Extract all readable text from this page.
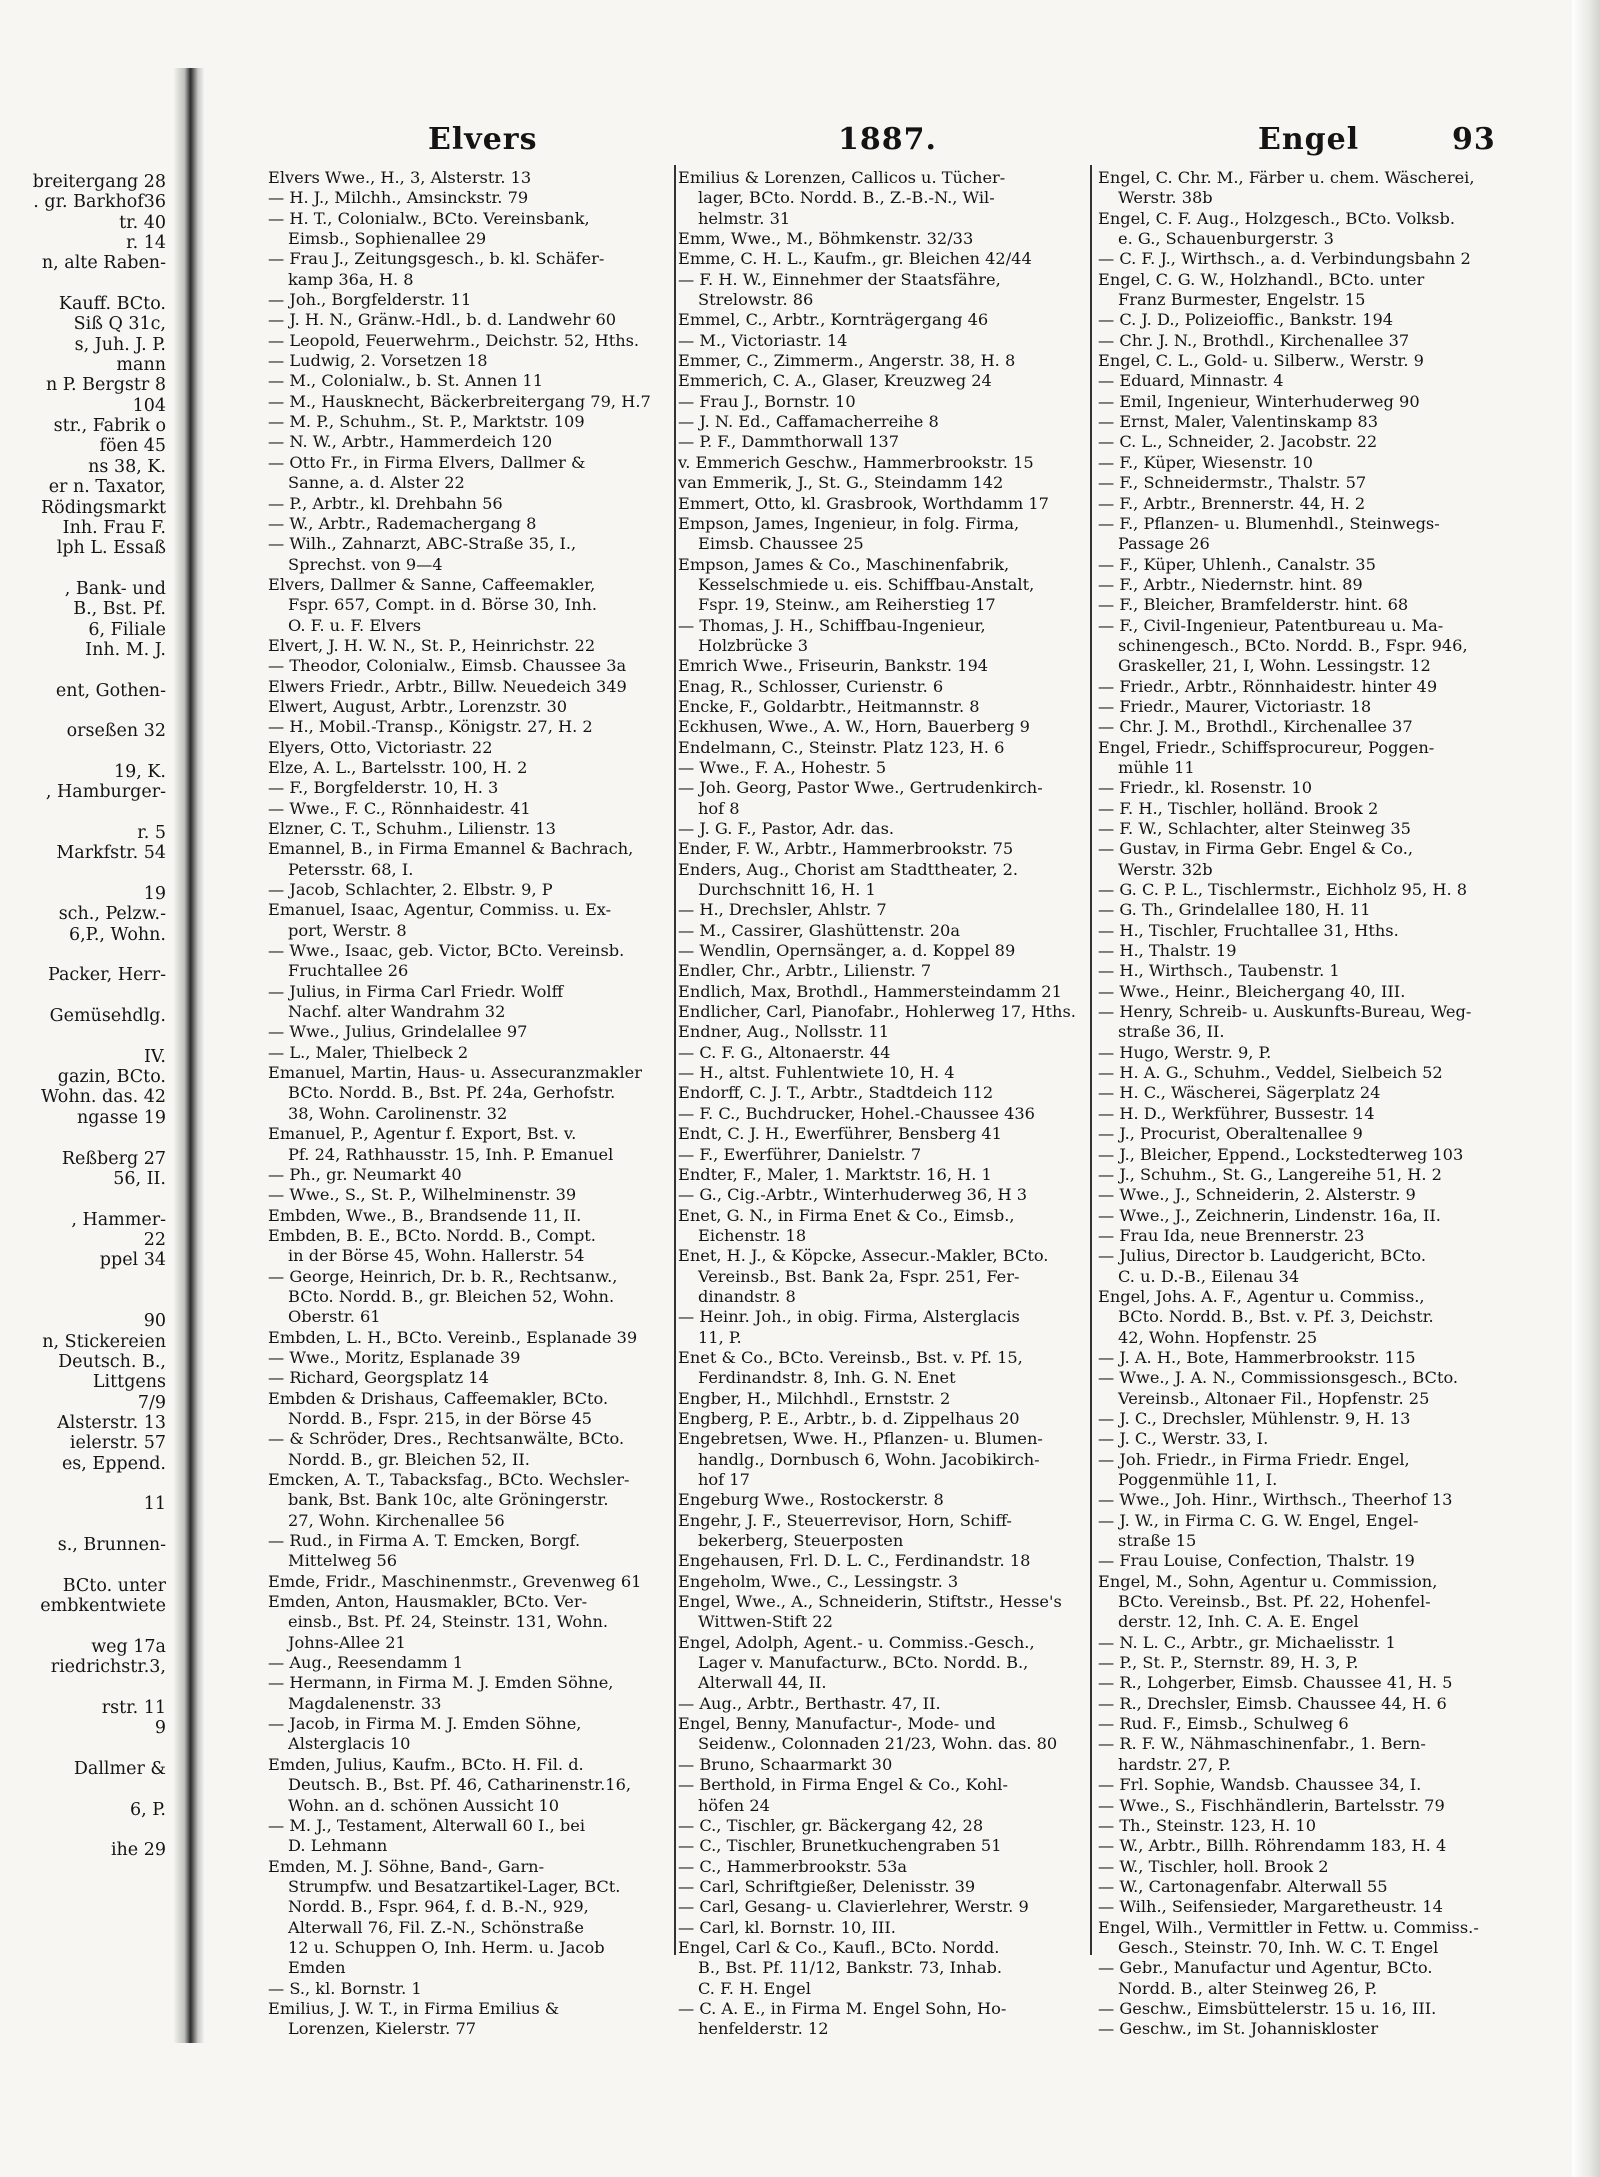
breitergang 28
. gr. Barkhof36
tr. 40
r. 14
n, alte Raben-

Kauff. BCto.
Siß Q 31c,
s, Juh. J. P.
mann
n P. Bergstr 8
104
str., Fabrik o
föen 45
ns 38, K.
er n. Taxator,
Rödingsmarkt
Inh. Frau F.
lph L. Essaß

, Bank- und
B., Bst. Pf.
6, Filiale
Inh. M. J.

ent, Gothen-

orseßen 32

19, K.
, Hamburger-

r. 5
Markfstr. 54

19
sch., Pelzw.-
6,P., Wohn.

Packer, Herr-

Gemüsehdlg.

IV.
gazin, BCto.
Wohn. das. 42
ngasse 19

Reßberg 27
56, II.

, Hammer-
22
ppel 34

90
n, Stickereien
Deutsch. B.,
Littgens
7/9
Alsterstr. 13
ielerstr. 57
es, Eppend.

11

s., Brunnen-

BCto. unter
embkentwiete

weg 17a
riedrichstr.3,

rstr. 11
9

Dallmer &

6, P.

ihe 29
Elvers	1887.	Engel	93
Elvers Wwe., H., 3, Alsterstr. 13
— H. J., Milchh., Amsinckstr. 79
— H. T., Colonialw., BCto. Vereinsbank,
Eimsb., Sophienallee 29
— Frau J., Zeitungsgesch., b. kl. Schäfer-
kamp 36a, H. 8
— Joh., Borgfelderstr. 11
— J. H. N., Gränw.-Hdl., b. d. Landwehr 60
— Leopold, Feuerwehrm., Deichstr. 52, Hths.
— Ludwig, 2. Vorsetzen 18
— M., Colonialw., b. St. Annen 11
— M., Hausknecht, Bäckerbreitergang 79, H.7
— M. P., Schuhm., St. P., Marktstr. 109
— N. W., Arbtr., Hammerdeich 120
— Otto Fr., in Firma Elvers, Dallmer &
Sanne, a. d. Alster 22
— P., Arbtr., kl. Drehbahn 56
— W., Arbtr., Rademachergang 8
— Wilh., Zahnarzt, ABC-Straße 35, I.,
Sprechst. von 9—4
Elvers, Dallmer & Sanne, Caffeemakler,
Fspr. 657, Compt. in d. Börse 30, Inh.
O. F. u. F. Elvers
Elvert, J. H. W. N., St. P., Heinrichstr. 22
— Theodor, Colonialw., Eimsb. Chaussee 3a
Elwers Friedr., Arbtr., Billw. Neuedeich 349
Elwert, August, Arbtr., Lorenzstr. 30
— H., Mobil.-Transp., Königstr. 27, H. 2
Elyers, Otto, Victoriastr. 22
Elze, A. L., Bartelsstr. 100, H. 2
— F., Borgfelderstr. 10, H. 3
— Wwe., F. C., Rönnhaidestr. 41
Elzner, C. T., Schuhm., Lilienstr. 13
Emannel, B., in Firma Emannel & Bachrach,
Petersstr. 68, I.
— Jacob, Schlachter, 2. Elbstr. 9, P
Emanuel, Isaac, Agentur, Commiss. u. Ex-
port, Werstr. 8
— Wwe., Isaac, geb. Victor, BCto. Vereinsb.
Fruchtallee 26
— Julius, in Firma Carl Friedr. Wolff
Nachf. alter Wandrahm 32
— Wwe., Julius, Grindelallee 97
— L., Maler, Thielbeck 2
Emanuel, Martin, Haus- u. Assecuranzmakler
BCto. Nordd. B., Bst. Pf. 24a, Gerhofstr.
38, Wohn. Carolinenstr. 32
Emanuel, P., Agentur f. Export, Bst. v.
Pf. 24, Rathhausstr. 15, Inh. P. Emanuel
— Ph., gr. Neumarkt 40
— Wwe., S., St. P., Wilhelminenstr. 39
Embden, Wwe., B., Brandsende 11, II.
Embden, B. E., BCto. Nordd. B., Compt.
in der Börse 45, Wohn. Hallerstr. 54
— George, Heinrich, Dr. b. R., Rechtsanw.,
BCto. Nordd. B., gr. Bleichen 52, Wohn.
Oberstr. 61
Embden, L. H., BCto. Vereinb., Esplanade 39
— Wwe., Moritz, Esplanade 39
— Richard, Georgsplatz 14
Embden & Drishaus, Caffeemakler, BCto.
Nordd. B., Fspr. 215, in der Börse 45
— & Schröder, Dres., Rechtsanwälte, BCto.
Nordd. B., gr. Bleichen 52, II.
Emcken, A. T., Tabacksfag., BCto. Wechsler-
bank, Bst. Bank 10c, alte Gröningerstr.
27, Wohn. Kirchenallee 56
— Rud., in Firma A. T. Emcken, Borgf.
Mittelweg 56
Emde, Fridr., Maschinenmstr., Grevenweg 61
Emden, Anton, Hausmakler, BCto. Ver-
einsb., Bst. Pf. 24, Steinstr. 131, Wohn.
Johns-Allee 21
— Aug., Reesendamm 1
— Hermann, in Firma M. J. Emden Söhne,
Magdalenenstr. 33
— Jacob, in Firma M. J. Emden Söhne,
Alsterglacis 10
Emden, Julius, Kaufm., BCto. H. Fil. d.
Deutsch. B., Bst. Pf. 46, Catharinenstr.16,
Wohn. an d. schönen Aussicht 10
— M. J., Testament, Alterwall 60 I., bei
D. Lehmann
Emden, M. J. Söhne, Band-, Garn-
Strumpfw. und Besatzartikel-Lager, BCt.
Nordd. B., Fspr. 964, f. d. B.-N., 929,
Alterwall 76, Fil. Z.-N., Schönstraße
12 u. Schuppen O, Inh. Herm. u. Jacob
Emden
— S., kl. Bornstr. 1
Emilius, J. W. T., in Firma Emilius &
Lorenzen, Kielerstr. 77
Emilius & Lorenzen, Callicos u. Tücher-
lager, BCto. Nordd. B., Z.-B.-N., Wil-
helmstr. 31
Emm, Wwe., M., Böhmkenstr. 32/33
Emme, C. H. L., Kaufm., gr. Bleichen 42/44
— F. H. W., Einnehmer der Staatsfähre,
Strelowstr. 86
Emmel, C., Arbtr., Kornträgergang 46
— M., Victoriastr. 14
Emmer, C., Zimmerm., Angerstr. 38, H. 8
Emmerich, C. A., Glaser, Kreuzweg 24
— Frau J., Bornstr. 10
— J. N. Ed., Caffamacherreihe 8
— P. F., Dammthorwall 137
v. Emmerich Geschw., Hammerbrookstr. 15
van Emmerik, J., St. G., Steindamm 142
Emmert, Otto, kl. Grasbrook, Worthdamm 17
Empson, James, Ingenieur, in folg. Firma,
Eimsb. Chaussee 25
Empson, James & Co., Maschinenfabrik,
Kesselschmiede u. eis. Schiffbau-Anstalt,
Fspr. 19, Steinw., am Reiherstieg 17
— Thomas, J. H., Schiffbau-Ingenieur,
Holzbrücke 3
Emrich Wwe., Friseurin, Bankstr. 194
Enag, R., Schlosser, Curienstr. 6
Encke, F., Goldarbtr., Heitmannstr. 8
Eckhusen, Wwe., A. W., Horn, Bauerberg 9
Endelmann, C., Steinstr. Platz 123, H. 6
— Wwe., F. A., Hohestr. 5
— Joh. Georg, Pastor Wwe., Gertrudenkirch-
hof 8
— J. G. F., Pastor, Adr. das.
Ender, F. W., Arbtr., Hammerbrookstr. 75
Enders, Aug., Chorist am Stadttheater, 2.
Durchschnitt 16, H. 1
— H., Drechsler, Ahlstr. 7
— M., Cassirer, Glashüttenstr. 20a
— Wendlin, Opernsänger, a. d. Koppel 89
Endler, Chr., Arbtr., Lilienstr. 7
Endlich, Max, Brothdl., Hammersteindamm 21
Endlicher, Carl, Pianofabr., Hohlerweg 17, Hths.
Endner, Aug., Nollsstr. 11
— C. F. G., Altonaerstr. 44
— H., altst. Fuhlentwiete 10, H. 4
Endorff, C. J. T., Arbtr., Stadtdeich 112
— F. C., Buchdrucker, Hohel.-Chaussee 436
Endt, C. J. H., Ewerführer, Bensberg 41
— F., Ewerführer, Danielstr. 7
Endter, F., Maler, 1. Marktstr. 16, H. 1
— G., Cig.-Arbtr., Winterhuderweg 36, H 3
Enet, G. N., in Firma Enet & Co., Eimsb.,
Eichenstr. 18
Enet, H. J., & Köpcke, Assecur.-Makler, BCto.
Vereinsb., Bst. Bank 2a, Fspr. 251, Fer-
dinandstr. 8
— Heinr. Joh., in obig. Firma, Alsterglacis
11, P.
Enet & Co., BCto. Vereinsb., Bst. v. Pf. 15,
Ferdinandstr. 8, Inh. G. N. Enet
Engber, H., Milchhdl., Ernststr. 2
Engberg, P. E., Arbtr., b. d. Zippelhaus 20
Engebretsen, Wwe. H., Pflanzen- u. Blumen-
handlg., Dornbusch 6, Wohn. Jacobikirch-
hof 17
Engeburg Wwe., Rostockerstr. 8
Engehr, J. F., Steuerrevisor, Horn, Schiff-
bekerberg, Steuerposten
Engehausen, Frl. D. L. C., Ferdinandstr. 18
Engeholm, Wwe., C., Lessingstr. 3
Engel, Wwe., A., Schneiderin, Stiftstr., Hesse's
Wittwen-Stift 22
Engel, Adolph, Agent.- u. Commiss.-Gesch.,
Lager v. Manufacturw., BCto. Nordd. B.,
Alterwall 44, II.
— Aug., Arbtr., Berthastr. 47, II.
Engel, Benny, Manufactur-, Mode- und
Seidenw., Colonnaden 21/23, Wohn. das. 80
— Bruno, Schaarmarkt 30
— Berthold, in Firma Engel & Co., Kohl-
höfen 24
— C., Tischler, gr. Bäckergang 42, 28
— C., Tischler, Brunetkuchengraben 51
— C., Hammerbrookstr. 53a
— Carl, Schriftgießer, Delenisstr. 39
— Carl, Gesang- u. Clavierlehrer, Werstr. 9
— Carl, kl. Bornstr. 10, III.
Engel, Carl & Co., Kaufl., BCto. Nordd.
B., Bst. Pf. 11/12, Bankstr. 73, Inhab.
C. F. H. Engel
— C. A. E., in Firma M. Engel Sohn, Ho-
henfelderstr. 12
Engel, C. Chr. M., Färber u. chem. Wäscherei,
Werstr. 38b
Engel, C. F. Aug., Holzgesch., BCto. Volksb.
e. G., Schauenburgerstr. 3
— C. F. J., Wirthsch., a. d. Verbindungsbahn 2
Engel, C. G. W., Holzhandl., BCto. unter
Franz Burmester, Engelstr. 15
— C. J. D., Polizeioffic., Bankstr. 194
— Chr. J. N., Brothdl., Kirchenallee 37
Engel, C. L., Gold- u. Silberw., Werstr. 9
— Eduard, Minnastr. 4
— Emil, Ingenieur, Winterhuderweg 90
— Ernst, Maler, Valentinskamp 83
— C. L., Schneider, 2. Jacobstr. 22
— F., Küper, Wiesenstr. 10
— F., Schneidermstr., Thalstr. 57
— F., Arbtr., Brennerstr. 44, H. 2
— F., Pflanzen- u. Blumenhdl., Steinwegs-
Passage 26
— F., Küper, Uhlenh., Canalstr. 35
— F., Arbtr., Niedernstr. hint. 89
— F., Bleicher, Bramfelderstr. hint. 68
— F., Civil-Ingenieur, Patentbureau u. Ma-
schinengesch., BCto. Nordd. B., Fspr. 946,
Graskeller, 21, I, Wohn. Lessingstr. 12
— Friedr., Arbtr., Rönnhaidestr. hinter 49
— Friedr., Maurer, Victoriastr. 18
— Chr. J. M., Brothdl., Kirchenallee 37
Engel, Friedr., Schiffsprocureur, Poggen-
mühle 11
— Friedr., kl. Rosenstr. 10
— F. H., Tischler, holländ. Brook 2
— F. W., Schlachter, alter Steinweg 35
— Gustav, in Firma Gebr. Engel & Co.,
Werstr. 32b
— G. C. P. L., Tischlermstr., Eichholz 95, H. 8
— G. Th., Grindelallee 180, H. 11
— H., Tischler, Fruchtallee 31, Hths.
— H., Thalstr. 19
— H., Wirthsch., Taubenstr. 1
— Wwe., Heinr., Bleichergang 40, III.
— Henry, Schreib- u. Auskunfts-Bureau, Weg-
straße 36, II.
— Hugo, Werstr. 9, P.
— H. A. G., Schuhm., Veddel, Sielbeich 52
— H. C., Wäscherei, Sägerplatz 24
— H. D., Werkführer, Bussestr. 14
— J., Procurist, Oberaltenallee 9
— J., Bleicher, Eppend., Lockstedterweg 103
— J., Schuhm., St. G., Langereihe 51, H. 2
— Wwe., J., Schneiderin, 2. Alsterstr. 9
— Wwe., J., Zeichnerin, Lindenstr. 16a, II.
— Frau Ida, neue Brennerstr. 23
— Julius, Director b. Laudgericht, BCto.
C. u. D.-B., Eilenau 34
Engel, Johs. A. F., Agentur u. Commiss.,
BCto. Nordd. B., Bst. v. Pf. 3, Deichstr.
42, Wohn. Hopfenstr. 25
— J. A. H., Bote, Hammerbrookstr. 115
— Wwe., J. A. N., Commissionsgesch., BCto.
Vereinsb., Altonaer Fil., Hopfenstr. 25
— J. C., Drechsler, Mühlenstr. 9, H. 13
— J. C., Werstr. 33, I.
— Joh. Friedr., in Firma Friedr. Engel,
Poggenmühle 11, I.
— Wwe., Joh. Hinr., Wirthsch., Theerhof 13
— J. W., in Firma C. G. W. Engel, Engel-
straße 15
— Frau Louise, Confection, Thalstr. 19
Engel, M., Sohn, Agentur u. Commission,
BCto. Vereinsb., Bst. Pf. 22, Hohenfel-
derstr. 12, Inh. C. A. E. Engel
— N. L. C., Arbtr., gr. Michaelisstr. 1
— P., St. P., Sternstr. 89, H. 3, P.
— R., Lohgerber, Eimsb. Chaussee 41, H. 5
— R., Drechsler, Eimsb. Chaussee 44, H. 6
— Rud. F., Eimsb., Schulweg 6
— R. F. W., Nähmaschinenfabr., 1. Bern-
hardstr. 27, P.
— Frl. Sophie, Wandsb. Chaussee 34, I.
— Wwe., S., Fischhändlerin, Bartelsstr. 79
— Th., Steinstr. 123, H. 10
— W., Arbtr., Billh. Röhrendamm 183, H. 4
— W., Tischler, holl. Brook 2
— W., Cartonagenfabr. Alterwall 55
— Wilh., Seifensieder, Margaretheustr. 14
Engel, Wilh., Vermittler in Fettw. u. Commiss.-
Gesch., Steinstr. 70, Inh. W. C. T. Engel
— Gebr., Manufactur und Agentur, BCto.
Nordd. B., alter Steinweg 26, P.
— Geschw., Eimsbüttelerstr. 15 u. 16, III.
— Geschw., im St. Johanniskloster
